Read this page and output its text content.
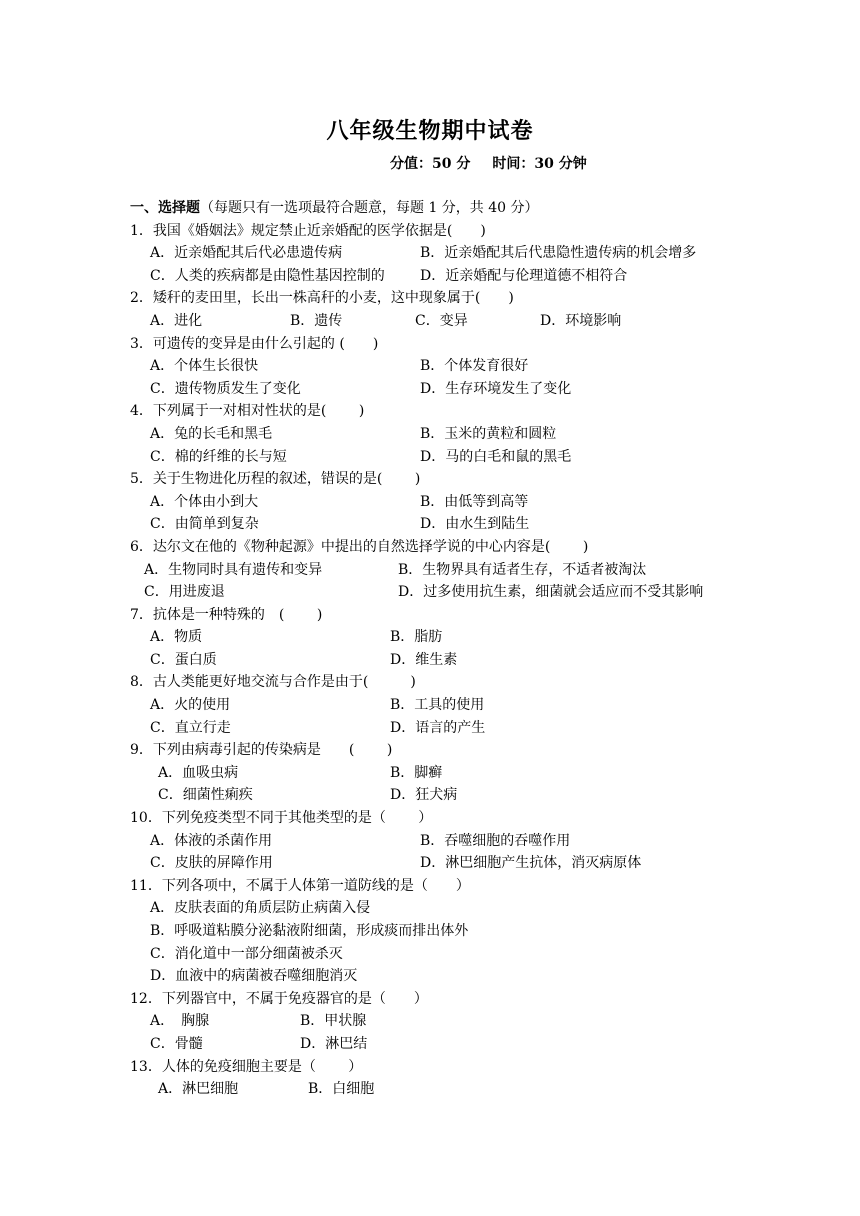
八年级生物期中试卷
分值：50 分 时间：30 分钟
一、选择题（每题只有一选项最符合题意，每题 1 分，共 40 分）
1．我国《婚姻法》规定禁止近亲婚配的医学依据是(　　)
A．近亲婚配其后代必患遗传病	B．近亲婚配其后代患隐性遗传病的机会增多
C．人类的疾病都是由隐性基因控制的	D．近亲婚配与伦理道德不相符合
2．矮秆的麦田里，长出一株高秆的小麦，这中现象属于(　　)
A．进化	B．遗传	C．变异	D．环境影响
3．可遗传的变异是由什么引起的 (　　)
A．个体生长很快	B．个体发育很好
C．遗传物质发生了变化	D．生存环境发生了变化
4．下列属于一对相对性状的是(　　 )
A．兔的长毛和黑毛	B．玉米的黄粒和圆粒
C．棉的纤维的长与短	D．马的白毛和鼠的黑毛
5．关于生物进化历程的叙述，错误的是(　　 )
A．个体由小到大	B．由低等到高等
C．由简单到复杂	D．由水生到陆生
6．达尔文在他的《物种起源》中提出的自然选择学说的中心内容是(　　 )
A．生物同时具有遗传和变异	B．生物界具有适者生存，不适者被淘汰
C．用进废退	D．过多使用抗生素，细菌就会适应而不受其影响
7．抗体是一种特殊的　(　　 )
A．物质	B．脂肪
C．蛋白质	D．维生素
8．古人类能更好地交流与合作是由于(　　　)
A．火的使用	B．工具的使用
C．直立行走	D．语言的产生
9．下列由病毒引起的传染病是　　(　　 )
A．血吸虫病	B．脚癣
C．细菌性痢疾	D．狂犬病
10．下列免疫类型不同于其他类型的是（　　 ）
A．体液的杀菌作用	B．吞噬细胞的吞噬作用
C．皮肤的屏障作用	D．淋巴细胞产生抗体，消灭病原体
11．下列各项中，不属于人体第一道防线的是（　　）
A．皮肤表面的角质层防止病菌入侵
B．呼吸道粘膜分泌黏液附细菌，形成痰而排出体外
C．消化道中一部分细菌被杀灭
D．血液中的病菌被吞噬细胞消灭
12．下列器官中，不属于免疫器官的是（　　）
A．　胸腺	B．甲状腺
C．骨髓	D．淋巴结
13．人体的免疫细胞主要是（　　 ）
A．淋巴细胞	B．白细胞
